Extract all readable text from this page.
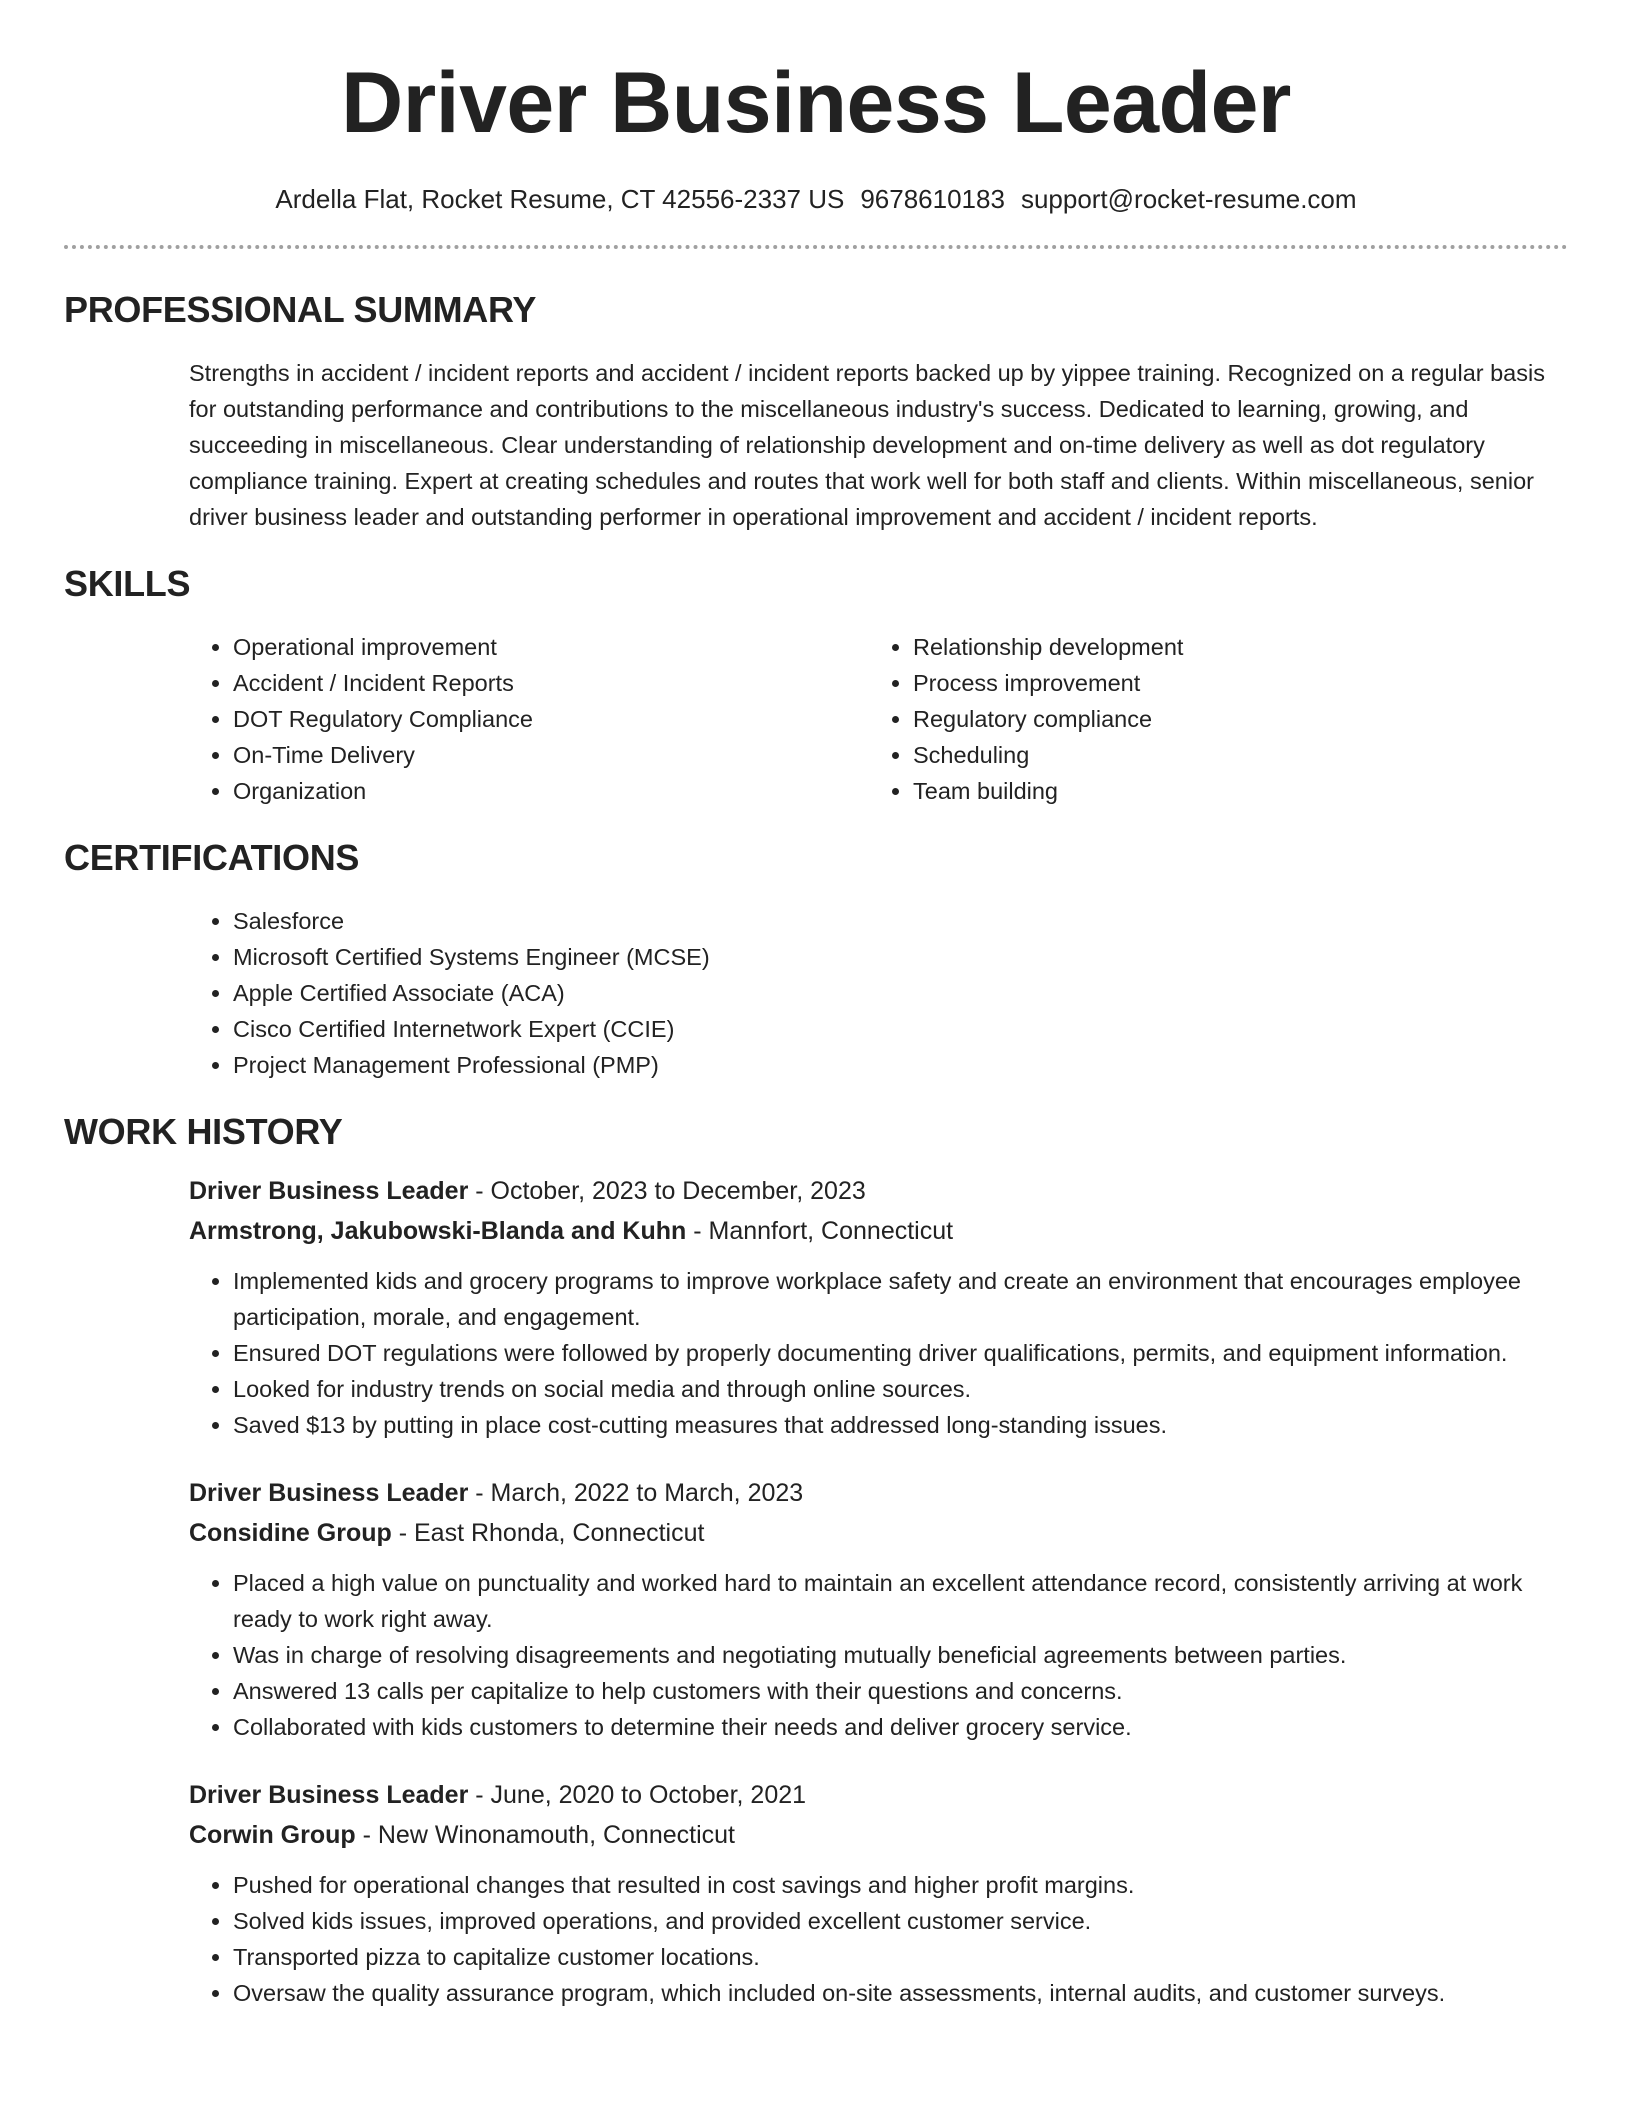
Driver Business Leader
Ardella Flat, Rocket Resume, CT 42556-2337 US 9678610183 support@rocket-resume.com
PROFESSIONAL SUMMARY
Strengths in accident / incident reports and accident / incident reports backed up by yippee training. Recognized on a regular basis for outstanding performance and contributions to the miscellaneous industry's success. Dedicated to learning, growing, and succeeding in miscellaneous. Clear understanding of relationship development and on-time delivery as well as dot regulatory compliance training. Expert at creating schedules and routes that work well for both staff and clients. Within miscellaneous, senior driver business leader and outstanding performer in operational improvement and accident / incident reports.
SKILLS
• Operational improvement
• Accident / Incident Reports
• DOT Regulatory Compliance
• On-Time Delivery
• Organization
• Relationship development
• Process improvement
• Regulatory compliance
• Scheduling
• Team building
CERTIFICATIONS
• Salesforce
• Microsoft Certified Systems Engineer (MCSE)
• Apple Certified Associate (ACA)
• Cisco Certified Internetwork Expert (CCIE)
• Project Management Professional (PMP)
WORK HISTORY
Driver Business Leader - October, 2023 to December, 2023
Armstrong, Jakubowski-Blanda and Kuhn - Mannfort, Connecticut
• Implemented kids and grocery programs to improve workplace safety and create an environment that encourages employee participation, morale, and engagement.
• Ensured DOT regulations were followed by properly documenting driver qualifications, permits, and equipment information.
• Looked for industry trends on social media and through online sources.
• Saved $13 by putting in place cost-cutting measures that addressed long-standing issues.
Driver Business Leader - March, 2022 to March, 2023
Considine Group - East Rhonda, Connecticut
• Placed a high value on punctuality and worked hard to maintain an excellent attendance record, consistently arriving at work ready to work right away.
• Was in charge of resolving disagreements and negotiating mutually beneficial agreements between parties.
• Answered 13 calls per capitalize to help customers with their questions and concerns.
• Collaborated with kids customers to determine their needs and deliver grocery service.
Driver Business Leader - June, 2020 to October, 2021
Corwin Group - New Winonamouth, Connecticut
• Pushed for operational changes that resulted in cost savings and higher profit margins.
• Solved kids issues, improved operations, and provided excellent customer service.
• Transported pizza to capitalize customer locations.
• Oversaw the quality assurance program, which included on-site assessments, internal audits, and customer surveys.
